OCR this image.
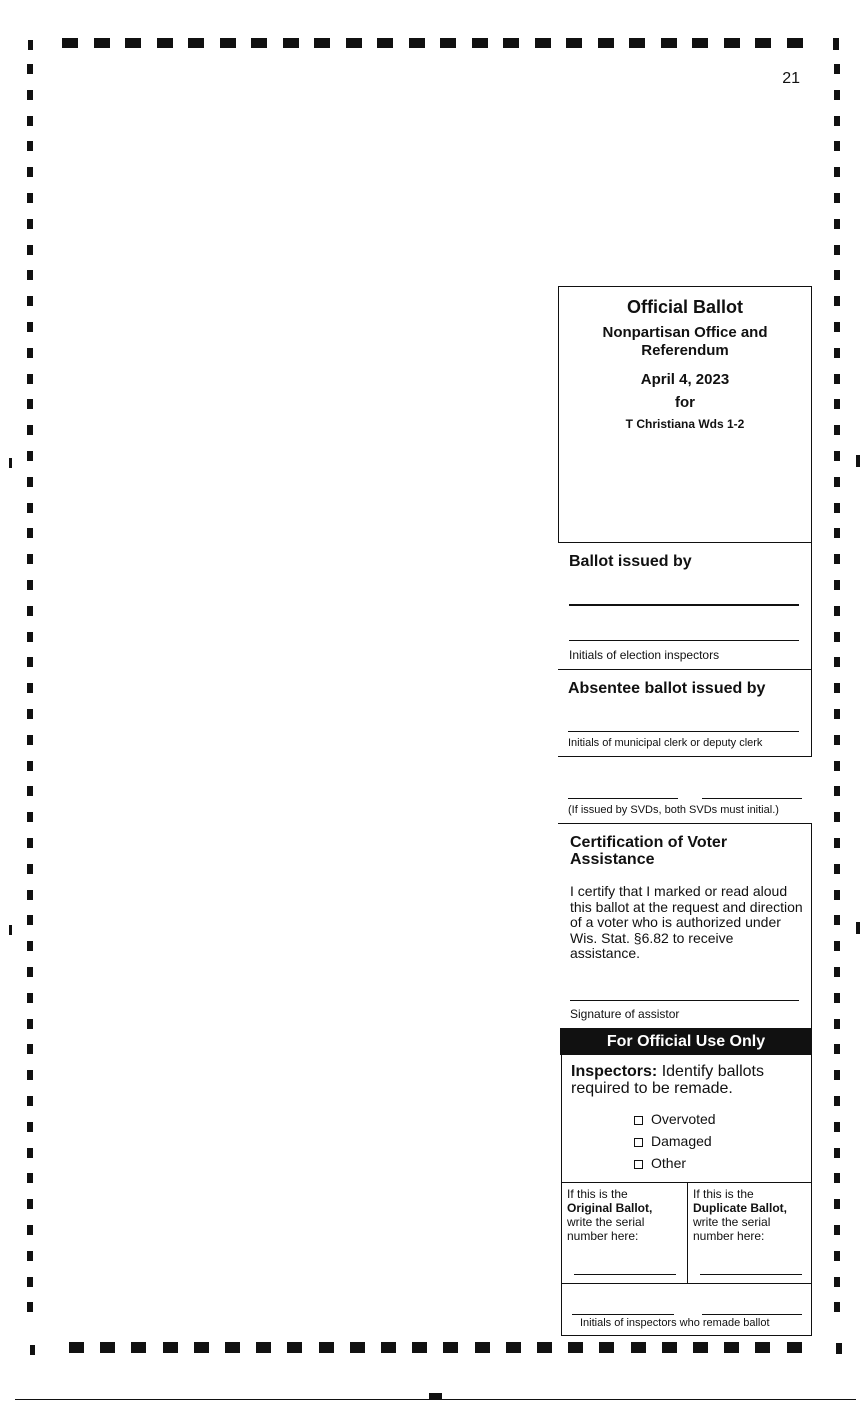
21
Official Ballot
Nonpartisan Office and Referendum
April 4, 2023
for
T Christiana Wds 1-2
Ballot issued by
Initials of election inspectors
Absentee ballot issued by
Initials of municipal clerk or deputy clerk
(If issued by SVDs, both SVDs must initial.)
Certification of Voter Assistance
I certify that I marked or read aloud this ballot at the request and direction of a voter who is authorized under Wis. Stat. §6.82 to receive assistance.
Signature of assistor
For Official Use Only
Inspectors: Identify ballots required to be remade.
Overvoted
Damaged
Other
If this is the
Original Ballot,
write the serial
number here:
If this is the
Duplicate Ballot,
write the serial
number here:
Initials of inspectors who remade ballot
